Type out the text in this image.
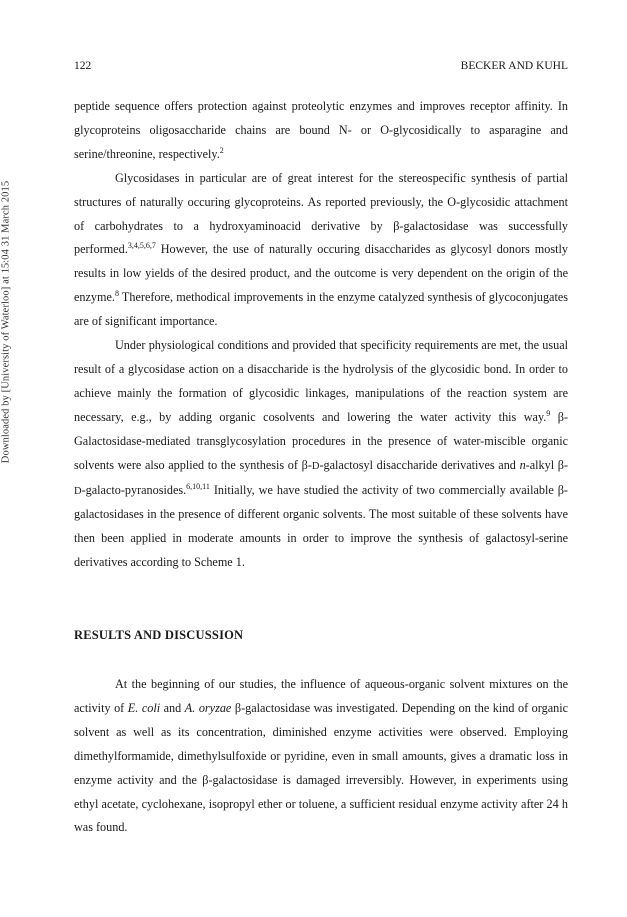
122	BECKER AND KUHL
Downloaded by [University of Waterloo] at 15:04 31 March 2015

peptide sequence offers protection against proteolytic enzymes and improves receptor affinity. In glycoproteins oligosaccharide chains are bound N- or O-glycosidically to asparagine and serine/threonine, respectively.$^2$

Glycosidases in particular are of great interest for the stereospecific synthesis of partial structures of naturally occuring glycoproteins. As reported previously, the O-glycosidic attachment of carbohydrates to a hydroxyaminoacid derivative by β-galactosidase was successfully performed.$^{3,4,5,6,7}$ However, the use of naturally occuring disaccharides as glycosyl donors mostly results in low yields of the desired product, and the outcome is very dependent on the origin of the enzyme.$^8$ Therefore, methodical improvements in the enzyme catalyzed synthesis of glycoconjugates are of significant importance.

Under physiological conditions and provided that specificity requirements are met, the usual result of a glycosidase action on a disaccharide is the hydrolysis of the glycosidic bond. In order to achieve mainly the formation of glycosidic linkages, manipulations of the reaction system are necessary, e.g., by adding organic cosolvents and lowering the water activity this way.$^9$ β-Galactosidase-mediated transglycosylation procedures in the presence of water-miscible organic solvents were also applied to the synthesis of β-D-galactosyl disaccharide derivatives and n-alkyl β-D-galacto-pyranosides.$^{6,10,11}$ Initially, we have studied the activity of two commercially available β-galactosidases in the presence of different organic solvents. The most suitable of these solvents have then been applied in moderate amounts in order to improve the synthesis of galactosyl-serine derivatives according to Scheme 1.

RESULTS AND DISCUSSION

At the beginning of our studies, the influence of aqueous-organic solvent mixtures on the activity of E. coli and A. oryzae β-galactosidase was investigated. Depending on the kind of organic solvent as well as its concentration, diminished enzyme activities were observed. Employing dimethylformamide, dimethylsulfoxide or pyridine, even in small amounts, gives a dramatic loss in enzyme activity and the β-galactosidase is damaged irreversibly. However, in experiments using ethyl acetate, cyclohexane, isopropyl ether or toluene, a sufficient residual enzyme activity after 24 h was found.
